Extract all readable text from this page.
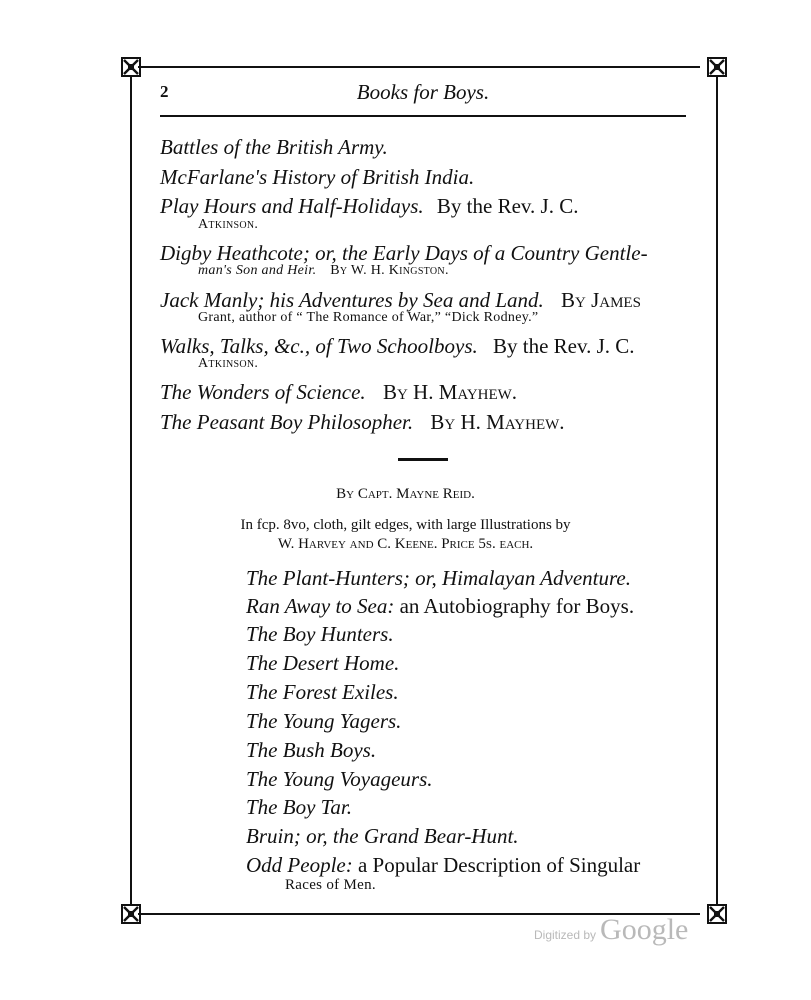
2	Books for Boys.
Battles of the British Army.
McFarlane's History of British India.
Play Hours and Half-Holidays. By the Rev. J. C.
Atkinson.
Digby Heathcote; or, the Early Days of a Country Gentle-
man's Son and Heir. By W. H. Kingston.
Jack Manly; his Adventures by Sea and Land. By James
Grant, author of “ The Romance of War,” “Dick Rodney.”
Walks, Talks, &c., of Two Schoolboys. By the Rev. J. C.
Atkinson.
The Wonders of Science. By H. Mayhew.
The Peasant Boy Philosopher. By H. Mayhew.
By Capt. Mayne Reid.
In fcp. 8vo, cloth, gilt edges, with large Illustrations by
W. Harvey and C. Keene. Price 5s. each.
The Plant-Hunters; or, Himalayan Adventure.
Ran Away to Sea: an Autobiography for Boys.
The Boy Hunters.
The Desert Home.
The Forest Exiles.
The Young Yagers.
The Bush Boys.
The Young Voyageurs.
The Boy Tar.
Bruin; or, the Grand Bear-Hunt.
Odd People: a Popular Description of Singular
Races of Men.
Digitized by Google
